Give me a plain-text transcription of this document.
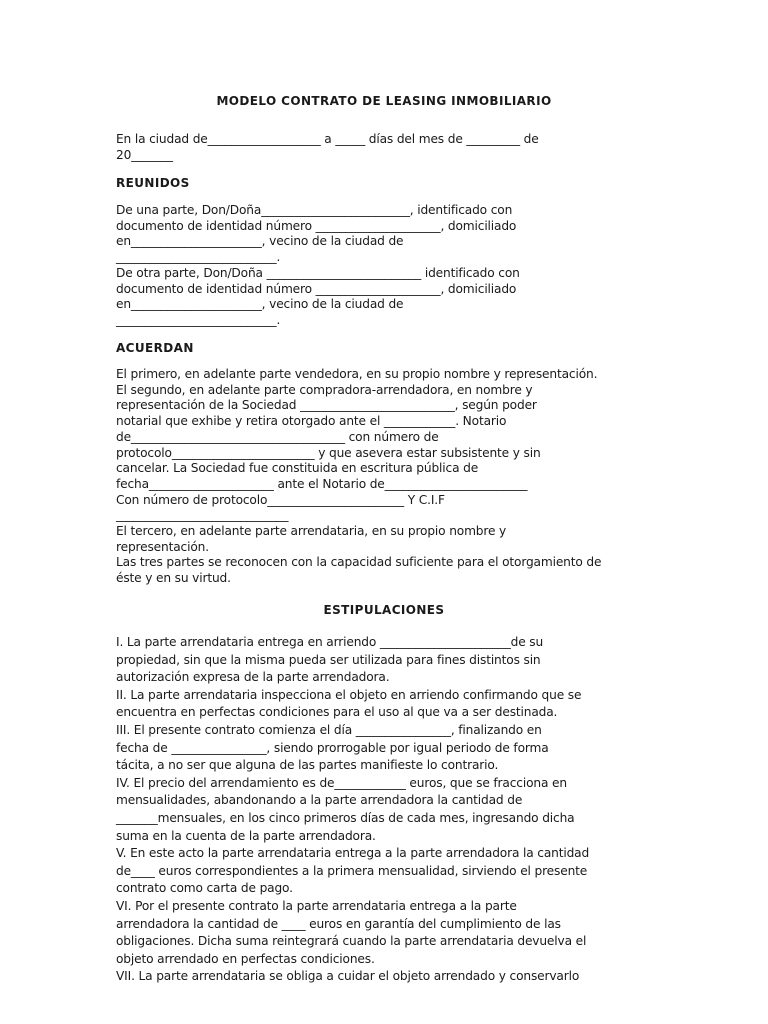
MODELO CONTRATO DE LEASING INMOBILIARIO
En la ciudad de___________________ a _____ días del mes de _________ de
20_______
REUNIDOS
De una parte, Don/Doña_________________________, identificado con
documento de identidad número _____________________, domiciliado
en______________________, vecino de la ciudad de
___________________________.
De otra parte, Don/Doña __________________________ identificado con
documento de identidad número _____________________, domiciliado
en______________________, vecino de la ciudad de
___________________________.
ACUERDAN
El primero, en adelante parte vendedora, en su propio nombre y representación.
El segundo, en adelante parte compradora-arrendadora, en nombre y
representación de la Sociedad __________________________, según poder
notarial que exhibe y retira otorgado ante el ____________. Notario
de____________________________________ con número de
protocolo________________________ y que asevera estar subsistente y sin
cancelar. La Sociedad fue constituida en escritura pública de
fecha_____________________ ante el Notario de________________________
Con número de protocolo_______________________ Y C.I.F
_____________________________
El tercero, en adelante parte arrendataria, en su propio nombre y
representación.
Las tres partes se reconocen con la capacidad suficiente para el otorgamiento de
éste y en su virtud.
ESTIPULACIONES
I. La parte arrendataria entrega en arriendo ______________________de su
propiedad, sin que la misma pueda ser utilizada para fines distintos sin
autorización expresa de la parte arrendadora.
II. La parte arrendataria inspecciona el objeto en arriendo confirmando que se
encuentra en perfectas condiciones para el uso al que va a ser destinada.
III. El presente contrato comienza el día ________________, finalizando en
fecha de ________________, siendo prorrogable por igual periodo de forma
tácita, a no ser que alguna de las partes manifieste lo contrario.
IV. El precio del arrendamiento es de____________ euros, que se fracciona en
mensualidades, abandonando a la parte arrendadora la cantidad de
_______mensuales, en los cinco primeros días de cada mes, ingresando dicha
suma en la cuenta de la parte arrendadora.
V. En este acto la parte arrendataria entrega a la parte arrendadora la cantidad
de____ euros correspondientes a la primera mensualidad, sirviendo el presente
contrato como carta de pago.
VI. Por el presente contrato la parte arrendataria entrega a la parte
arrendadora la cantidad de ____ euros en garantía del cumplimiento de las
obligaciones. Dicha suma reintegrará cuando la parte arrendataria devuelva el
objeto arrendado en perfectas condiciones.
VII. La parte arrendataria se obliga a cuidar el objeto arrendado y conservarlo
